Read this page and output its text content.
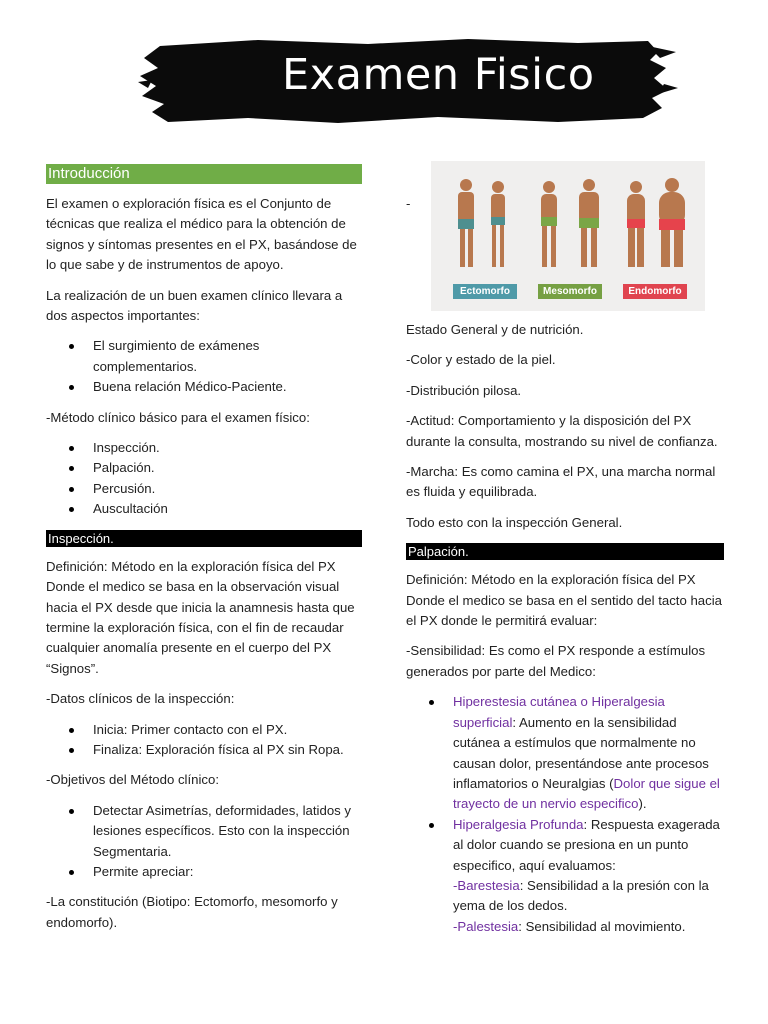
Examen Fisico
Introducción

El examen o exploración física es el Conjunto de técnicas que realiza el médico para la obtención de signos y síntomas presentes en el PX, basándose de lo que sabe y de instrumentos de apoyo.

La realización de un buen examen clínico llevara a dos aspectos importantes:

El surgimiento de exámenes complementarios.
Buena relación Médico-Paciente.

-Método clínico básico para el examen físico:

Inspección.
Palpación.
Percusión.
Auscultación
Inspección.

Definición: Método en la exploración física del PX Donde el medico se basa en la observación visual hacia el PX desde que inicia la anamnesis hasta que termine la exploración física, con el fin de recaudar cualquier anomalía presente en el cuerpo del PX “Signos”.

-Datos clínicos de la inspección:

Inicia: Primer contacto con el PX.
Finaliza: Exploración física al PX sin Ropa.

-Objetivos del Método clínico:

Detectar Asimetrías, deformidades, latidos y lesiones específicos. Esto con la inspección Segmentaria.
Permite apreciar:

-La constitución (Biotipo: Ectomorfo, mesomorfo y endomorfo).

-
Ectomorfo	Mesomorfo	Endomorfo

Estado General y de nutrición.

-Color y estado de la piel.

-Distribución pilosa.

-Actitud: Comportamiento y la disposición del PX durante la consulta, mostrando su nivel de confianza.

-Marcha: Es como camina el PX, una marcha normal es fluida y equilibrada.

Todo esto con la inspección General.

Palpación.

Definición: Método en la exploración física del PX Donde el medico se basa en el sentido del tacto hacia el PX donde le permitirá evaluar:

-Sensibilidad: Es como el PX responde a estímulos generados por parte del Medico:

Hiperestesia cutánea o Hiperalgesia superficial: Aumento en la sensibilidad cutánea a estímulos que normalmente no causan dolor, presentándose ante procesos inflamatorios o Neuralgias (Dolor que sigue el trayecto de un nervio especifico).
Hiperalgesia Profunda: Respuesta exagerada al dolor cuando se presiona en un punto especifico, aquí evaluamos:
-Barestesia: Sensibilidad a la presión con la yema de los dedos.
-Palestesia: Sensibilidad al movimiento.
